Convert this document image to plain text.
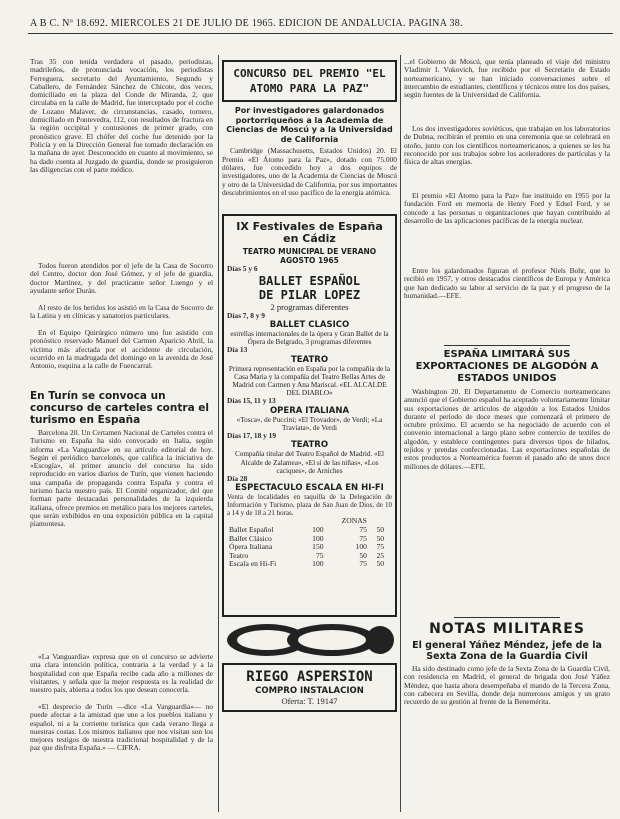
A B C. Nº 18.692. MIERCOLES 21 DE JULIO DE 1965. EDICION DE ANDALUCIA. PAGINA 38.

Tras 35 con tenida verdadera el pasado, periodistas, madrileños, de pronunciada vocación, los periodistas Ferreguera, secretario del Ayuntamiento, Segundo y Caballero, de Fernández Sánchez de Chicote, dos veces, domiciliado en la plaza del Conde de Miranda, 2, que circulaba en la calle de Madrid, fue interceptado por el coche de Lozano Malaver, de circunstancias, casado, tornero, domiciliado en Pontevedra, 112, con resultados de fractura en la región occipital y contusiones de primer grado, con pronóstico grave. El chófer del coche fue detenido por la Policía y en la Dirección General fue tomado declaración en la mañana de ayer. Desconocido en cuanto al movimiento, se ha dado cuenta al Juzgado de guardia, donde se prosiguieron las diligencias con el parte médico.

Todos fueron atendidos por el jefe de la Casa de Socorro del Centro, doctor don José Gómez, y el jefe de guardia, doctor Martínez, y del practicante señor Luengo y el ayudante señor Durán.

Al resto de los heridos los asistió en la Casa de Socorro de la Latina y en clínicas y sanatorios particulares.

En el Equipo Quirúrgico número uno fue asistido con pronóstico reservado Manuel del Carmen Aparicio Abril, la víctima más afectada por el accidente de circulación, ocurrido en la madrugada del domingo en la avenida de José Antonio, esquina a la calle de Fuencarral.

En Turín se convoca un concurso de carteles contra el turismo en España

Barcelona 20. Un Certamen Nacional de Carteles contra el Turismo en España ha sido convocado en Italia, según informa «La Vanguardia» en su artículo editorial de hoy. Según el periódico barcelonés, que califica la iniciativa de «Escogía», el primer anuncio del concurso ha sido reproducido en varios diarios de Turín, que vienen haciendo una campaña de propaganda contra España y contra el turismo hacia nuestro país. El Comité organizador, del que forman parte destacadas personalidades de la izquierda italiana, ofrece premios en metálico para los mejores carteles, que serán exhibidos en una exposición pública en la capital piamontesa.

«La Vanguardia» expresa que en el concurso se advierte una clara intención política, contraria a la verdad y a la hospitalidad con que España recibe cada año a millones de visitantes, y señala que la mejor respuesta es la realidad de nuestro país, abierta a todos los que desean conocerla.

«El desprecio de Turín —dice «La Vanguardia»— no puede afectar a la amistad que une a los pueblos italiano y español, ni a la corriente turística que cada verano llega a nuestras costas. Los mismos italianos que nos visitan son los mejores testigos de nuestra tradicional hospitalidad y de la paz que disfruta España.» — CIFRA.

CONCURSO DEL PREMIO "EL
ATOMO PARA LA PAZ"
Por investigadores galardonados portorriqueños a la Academia de Ciencias de Moscú y a la Universidad de California

Cambridge (Massachusetts, Estados Unidos) 20. El Premio «El Átomo para la Paz», dotado con 75.000 dólares, fue concedido hoy a dos equipos de investigadores, uno de la Academia de Ciencias de Moscú y otro de la Universidad de California, por sus importantes descubrimientos en el uso pacífico de la energía atómica.

IX Festivales de España en Cádiz
TEATRO MUNICIPAL DE VERANO
AGOSTO 1965
Días 5 y 6
BALLET ESPAÑOL
DE PILAR LOPEZ
2 programas diferentes
Días 7, 8 y 9
BALLET CLASICO
estrellas internacionales de la ópera y Gran Ballet de la Ópera de Belgrado, 3 programas diferentes
Día 13
TEATRO
Primera representación en España por la compañía de la Casa Maria y la compañía del Teatro Bellas Artes de Madrid con Carmen y Ana Mariscal. «EL ALCALDE DEL DIABLO»
Días 15, 11 y 13
OPERA ITALIANA
«Tosca», de Puccini; «El Trovador», de Verdi; «La Traviata», de Verdi
Días 17, 18 y 19
TEATRO
Compañía titular del Teatro Español de Madrid. «El Alcalde de Zalamea», «El sí de las niñas», «Los caciques», de Arniches
Día 28
ESPECTACULO ESCALA EN HI-FI
Venta de localidades en taquilla de la Delegación de Información y Turismo, plaza de San Juan de Dios, de 10 a 14 y de 18 a 21 horas.
		ZONAS		
Ballet Español	100	75	50	
Ballet Clásico	100	75	50	
Ópera Italiana	150	100	75	
Teatro	75	50	25	
Escala en Hi-Fi	100	75	50	
RIEGO ASPERSION
COMPRO INSTALACION
Oferta: T. 19147

...el Gobierno de Moscú, que tenía planeado el viaje del ministro Vladimir I. Vukovich, fue recibido por el Secretario de Estado norteamericano, y se han iniciado conversaciones sobre el intercambio de estudiantes, científicos y técnicos entre los dos países, según fuentes de la Universidad de California.

Los dos investigadores soviéticos, que trabajan en los laboratorios de Dubna, recibirán el premio en una ceremonia que se celebrará en otoño, junto con los científicos norteamericanos, a quienes se les ha reconocido por sus trabajos sobre los aceleradores de partículas y la física de altas energías.

El premio «El Átomo para la Paz» fue instituido en 1955 por la fundación Ford en memoria de Henry Ford y Edsel Ford, y se concede a las personas u organizaciones que hayan contribuido al desarrollo de las aplicaciones pacíficas de la energía nuclear.

Entre los galardonados figuran el profesor Niels Bohr, que lo recibió en 1957, y otros destacados científicos de Europa y América que han dedicado su labor al servicio de la paz y el progreso de la humanidad.—EFE.

ESPAÑA LIMITARÁ SUS EXPORTACIONES DE ALGODÓN A ESTADOS UNIDOS

Washington 20. El Departamento de Comercio norteamericano anunció que el Gobierno español ha aceptado voluntariamente limitar sus exportaciones de artículos de algodón a los Estados Unidos durante el período de doce meses que comenzará el primero de octubre próximo. El acuerdo se ha negociado de acuerdo con el convenio internacional a largo plazo sobre comercio de textiles de algodón, y establece contingentes para diversos tipos de hilados, tejidos y prendas confeccionadas. Las exportaciones españolas de estos productos a Norteamérica fueron el pasado año de unos doce millones de dólares.—EFE.

NOTAS MILITARES
El general Yáñez Méndez, jefe de la Sexta Zona de la Guardia Civil

Ha sido destinado como jefe de la Sexta Zona de la Guardia Civil, con residencia en Madrid, el general de brigada don José Yáñez Méndez, que hasta ahora desempeñaba el mando de la Tercera Zona, con cabecera en Sevilla, donde deja numerosos amigos y un grato recuerdo de su gestión al frente de la Benemérita.
